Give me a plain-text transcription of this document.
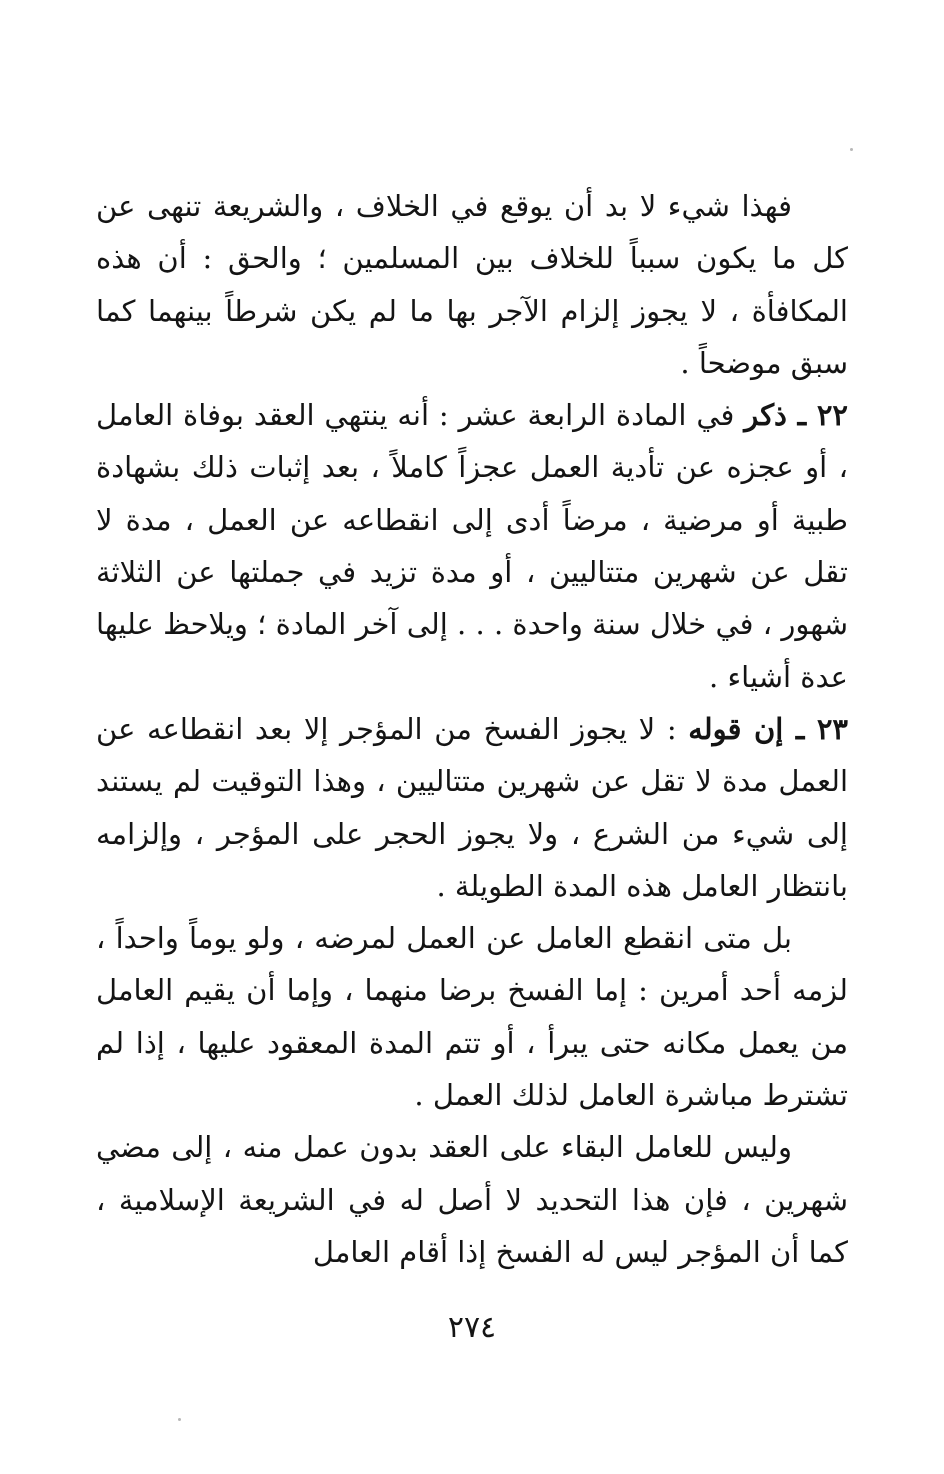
فهذا شيء لا بد أن يوقع في الخلاف ، والشريعة تنهى عن كل ما يكون سبباً للخلاف بين المسلمين ؛ والحق : أن هذه المكافأة ، لا يجوز إلزام الآجر بها ما لم يكن شرطاً بينهما كما سبق موضحاً .

٢٢ ـ ذكر في المادة الرابعة عشر : أنه ينتهي العقد بوفاة العامل ، أو عجزه عن تأدية العمل عجزاً كاملاً ، بعد إثبات ذلك بشهادة طبية أو مرضية ، مرضاً أدى إلى انقطاعه عن العمل ، مدة لا تقل عن شهرين متتاليين ، أو مدة تزيد في جملتها عن الثلاثة شهور ، في خلال سنة واحدة . . . إلى آخر المادة ؛ ويلاحظ عليها عدة أشياء .

٢٣ ـ إن قوله : لا يجوز الفسخ من المؤجر إلا بعد انقطاعه عن العمل مدة لا تقل عن شهرين متتاليين ، وهذا التوقيت لم يستند إلى شيء من الشرع ، ولا يجوز الحجر على المؤجر ، وإلزامه بانتظار العامل هذه المدة الطويلة .

بل متى انقطع العامل عن العمل لمرضه ، ولو يوماً واحداً ، لزمه أحد أمرين : إما الفسخ برضا منهما ، وإما أن يقيم العامل من يعمل مكانه حتى يبرأ ، أو تتم المدة المعقود عليها ، إذا لم تشترط مباشرة العامل لذلك العمل .

وليس للعامل البقاء على العقد بدون عمل منه ، إلى مضي شهرين ، فإن هذا التحديد لا أصل له في الشريعة الإسلامية ، كما أن المؤجر ليس له الفسخ إذا أقام العامل

٢٧٤
